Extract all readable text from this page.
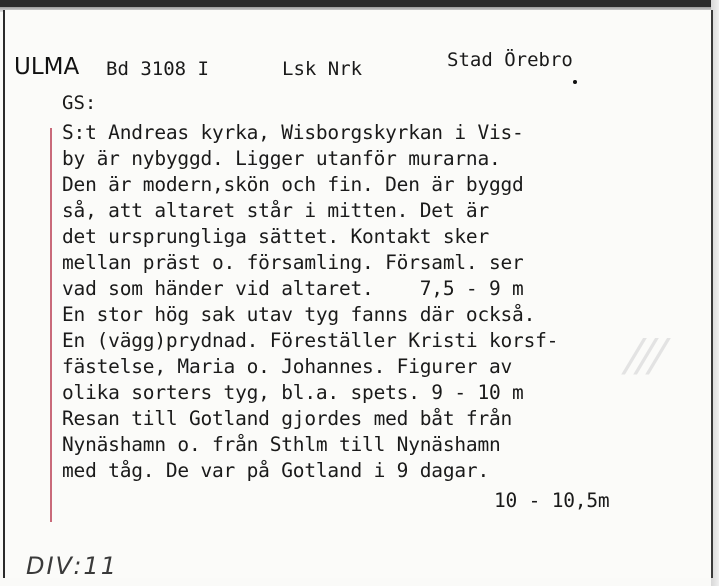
⁄⁄⁄
ULMA Bd 3108 I	Lsk Nrk	Stad Örebro
GS:
S:t Andreas kyrka, Wisborgskyrkan i Vis-
by är nybyggd. Ligger utanför murarna.
Den är modern,skön och fin. Den är byggd
så, att altaret står i mitten. Det är
det ursprungliga sättet. Kontakt sker
mellan präst o. församling. Församl. ser
vad som händer vid altaret.    7,5 - 9 m
En stor hög sak utav tyg fanns där också.
En (vägg)prydnad. Föreställer Kristi korsf-
fästelse, Maria o. Johannes. Figurer av
olika sorters tyg, bl.a. spets. 9 - 10 m
Resan till Gotland gjordes med båt från
Nynäshamn o. från Sthlm till Nynäshamn
med tåg. De var på Gotland i 9 dagar.
10 - 10,5m
DIV:11
